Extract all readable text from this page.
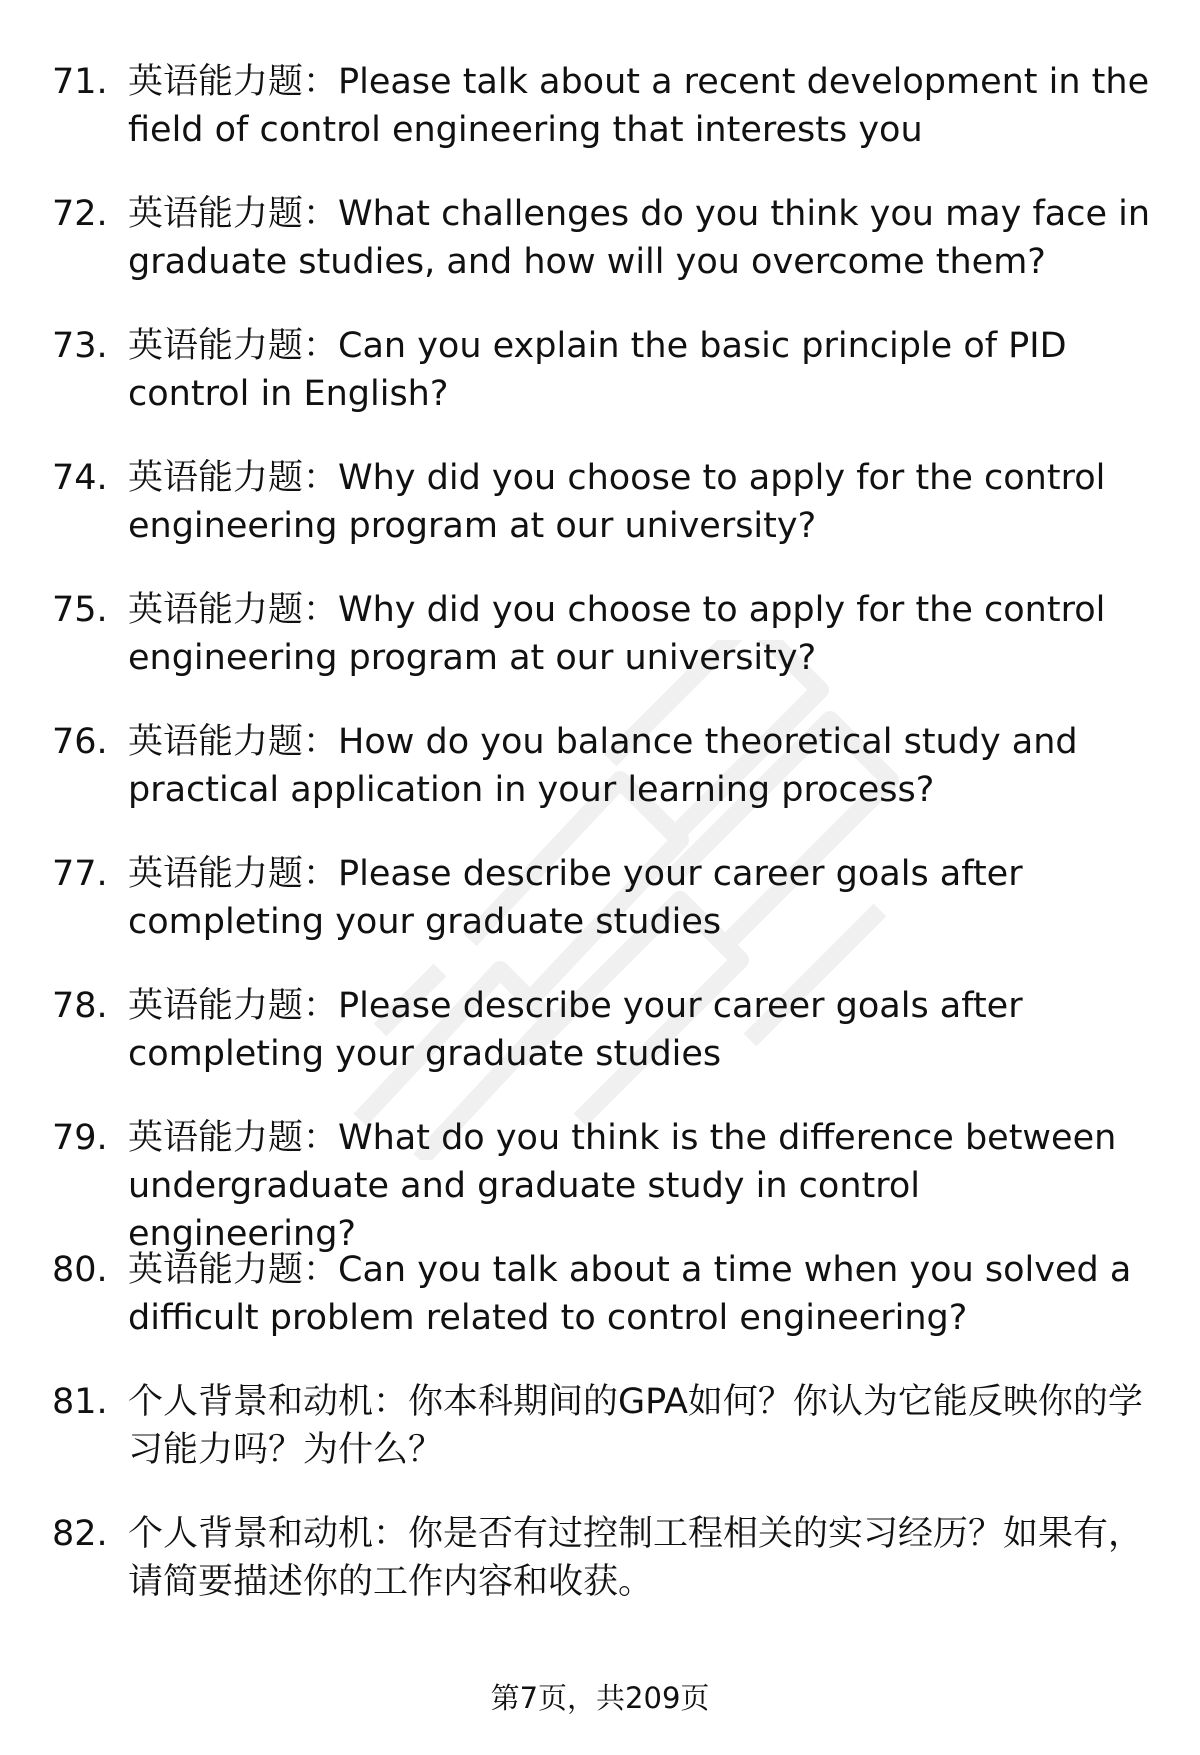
71. 英语能力题：Please talk about a recent development in the field of control engineering that interests you
72. 英语能力题：What challenges do you think you may face in graduate studies, and how will you overcome them?
73. 英语能力题：Can you explain the basic principle of PID control in English?
74. 英语能力题：Why did you choose to apply for the control engineering program at our university?
75. 英语能力题：Why did you choose to apply for the control engineering program at our university?
76. 英语能力题：How do you balance theoretical study and practical application in your learning process?
77. 英语能力题：Please describe your career goals after completing your graduate studies
78. 英语能力题：Please describe your career goals after completing your graduate studies
79. 英语能力题：What do you think is the difference between undergraduate and graduate study in control engineering?
80. 英语能力题：Can you talk about a time when you solved a difficult problem related to control engineering?
81. 个人背景和动机：你本科期间的GPA如何？你认为它能反映你的学习能力吗？为什么？
82. 个人背景和动机：你是否有过控制工程相关的实习经历？如果有，请简要描述你的工作内容和收获。
第7页，共209页
